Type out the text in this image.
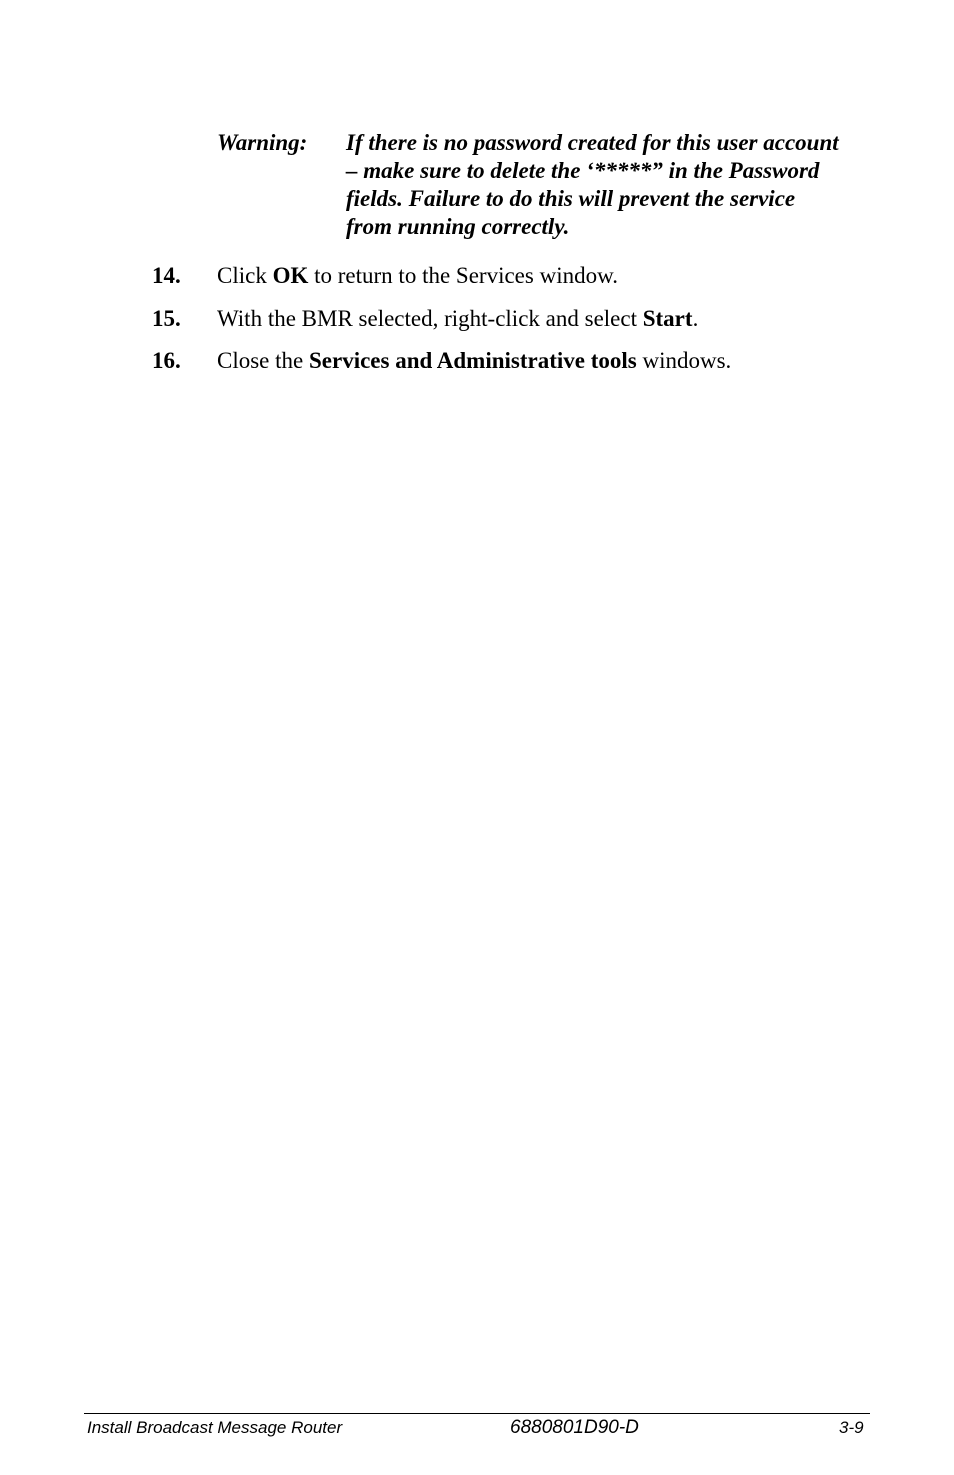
Warning: If there is no password created for this user account
– make sure to delete the ‘*****” in the Password
fields. Failure to do this will prevent the service
from running correctly.
14. Click OK to return to the Services window.
15. With the BMR selected, right-click and select Start.
16. Close the Services and Administrative tools windows.
Install Broadcast Message Router	6880801D90-D	3-9
